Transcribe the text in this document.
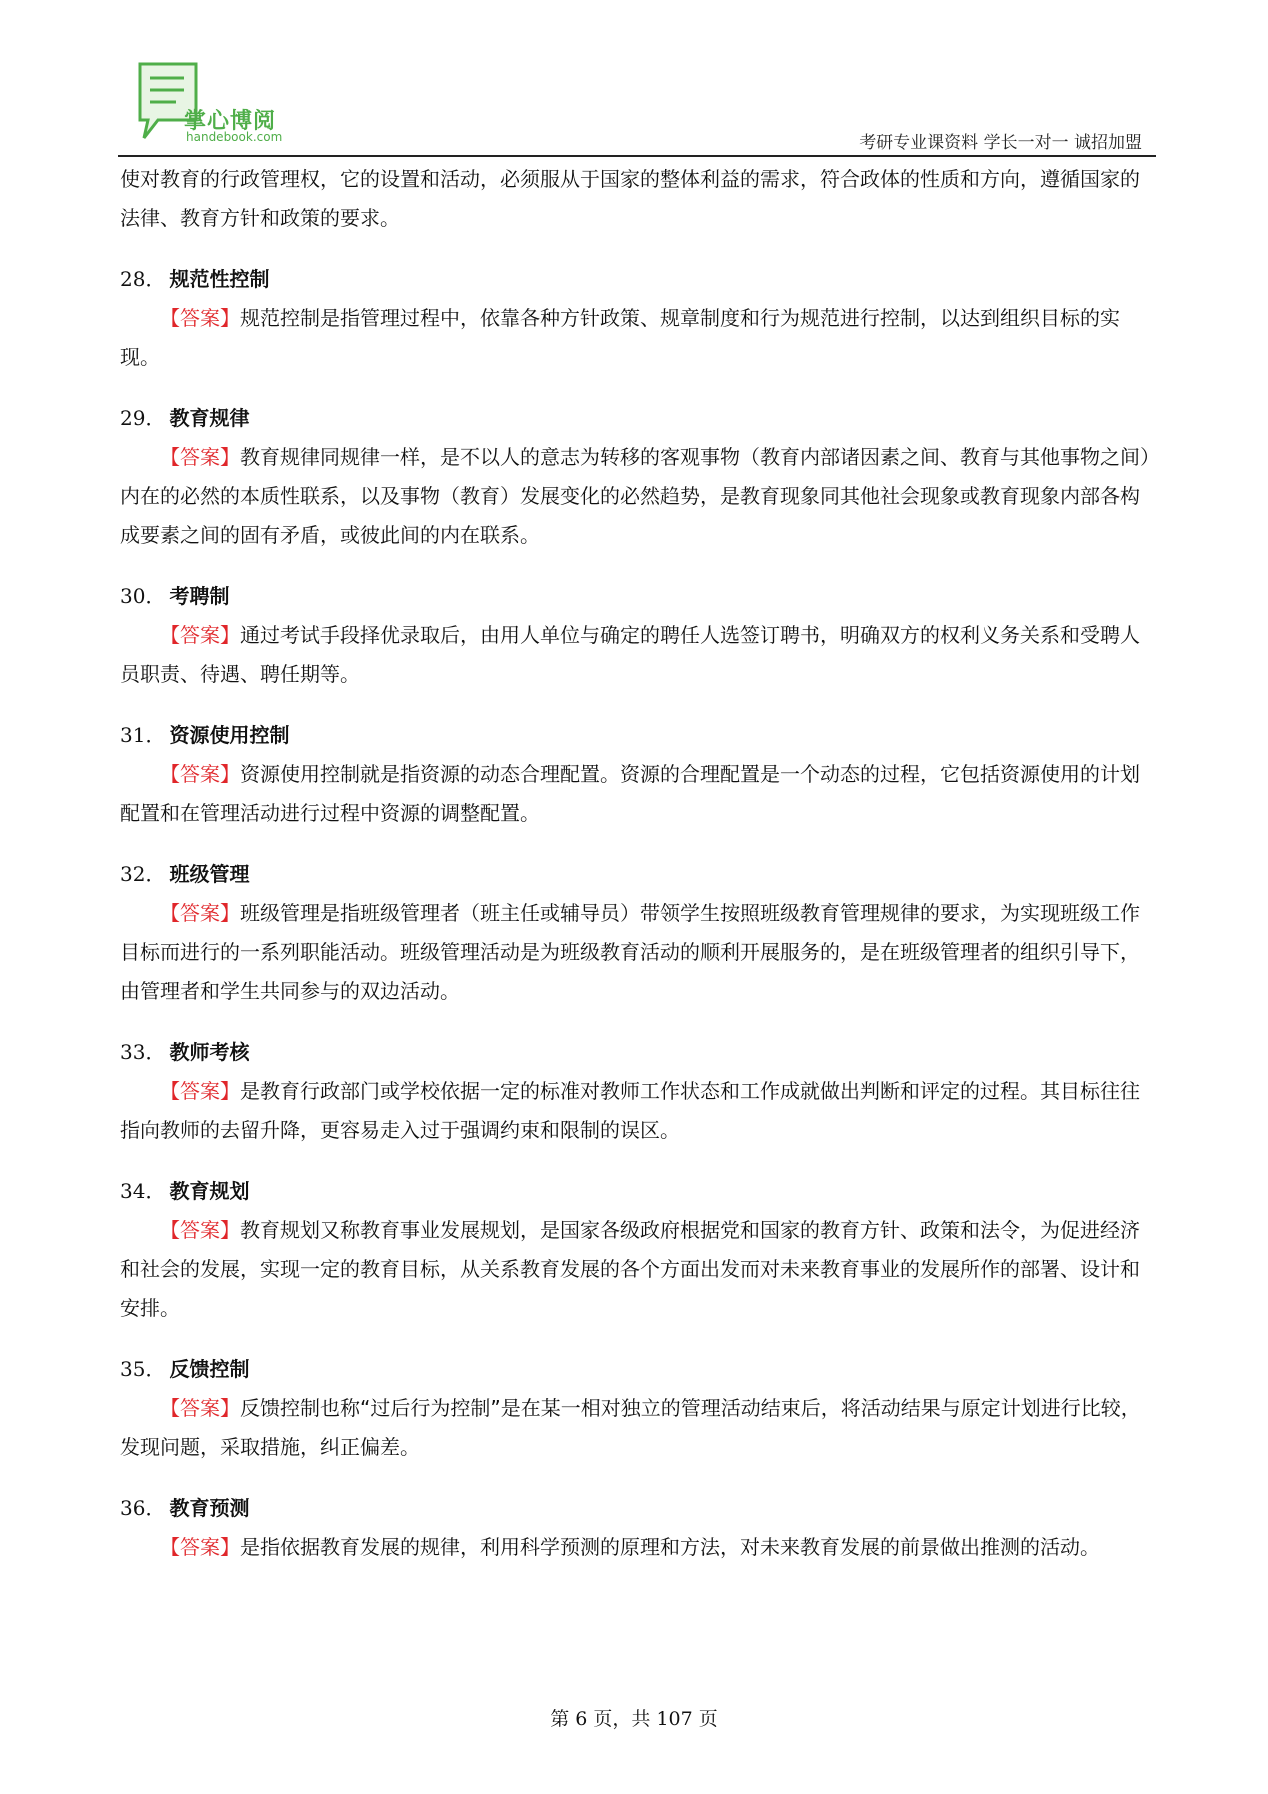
掌心博阅
handebook.com	考研专业课资料 学长一对一 诚招加盟

使对教育的行政管理权，它的设置和活动，必须服从于国家的整体利益的需求，符合政体的性质和方向，遵循国家的法律、教育方针和政策的要求。

28． 规范性控制

【答案】规范控制是指管理过程中，依靠各种方针政策、规章制度和行为规范进行控制，以达到组织目标的实现。

29． 教育规律

【答案】教育规律同规律一样，是不以人的意志为转移的客观事物（教育内部诸因素之间、教育与其他事物之间）内在的必然的本质性联系，以及事物（教育）发展变化的必然趋势，是教育现象同其他社会现象或教育现象内部各构成要素之间的固有矛盾，或彼此间的内在联系。

30． 考聘制

【答案】通过考试手段择优录取后，由用人单位与确定的聘任人选签订聘书，明确双方的权利义务关系和受聘人员职责、待遇、聘任期等。

31． 资源使用控制

【答案】资源使用控制就是指资源的动态合理配置。资源的合理配置是一个动态的过程，它包括资源使用的计划配置和在管理活动进行过程中资源的调整配置。

32． 班级管理

【答案】班级管理是指班级管理者（班主任或辅导员）带领学生按照班级教育管理规律的要求，为实现班级工作目标而进行的一系列职能活动。班级管理活动是为班级教育活动的顺利开展服务的，是在班级管理者的组织引导下，由管理者和学生共同参与的双边活动。

33． 教师考核

【答案】是教育行政部门或学校依据一定的标准对教师工作状态和工作成就做出判断和评定的过程。其目标往往指向教师的去留升降，更容易走入过于强调约束和限制的误区。

34． 教育规划

【答案】教育规划又称教育事业发展规划，是国家各级政府根据党和国家的教育方针、政策和法令，为促进经济和社会的发展，实现一定的教育目标，从关系教育发展的各个方面出发而对未来教育事业的发展所作的部署、设计和安排。

35． 反馈控制

【答案】反馈控制也称“过后行为控制”是在某一相对独立的管理活动结束后，将活动结果与原定计划进行比较，发现问题，采取措施，纠正偏差。

36． 教育预测

【答案】是指依据教育发展的规律，利用科学预测的原理和方法，对未来教育发展的前景做出推测的活动。

第 6 页，共 107 页
